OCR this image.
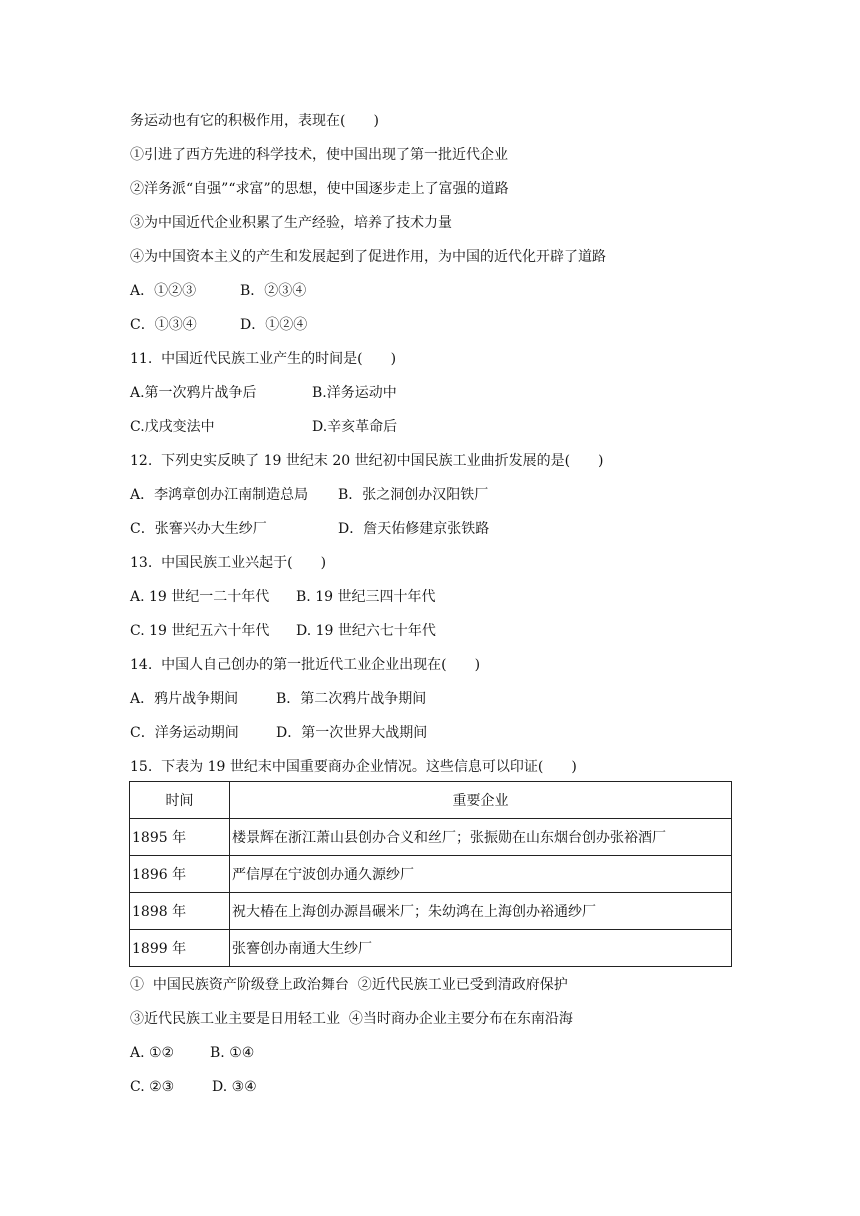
务运动也有它的积极作用，表现在(　　)
①引进了西方先进的科学技术，使中国出现了第一批近代企业
②洋务派“自强”“求富”的思想，使中国逐步走上了富强的道路
③为中国近代企业积累了生产经验，培养了技术力量
④为中国资本主义的产生和发展起到了促进作用，为中国的近代化开辟了道路

A．①②③

	B．②③④

C．①③④

	D．①②④

11.  中国近代民族工业产生的时间是(　　)

A.第一次鸦片战争后

	B.洋务运动中

C.戊戌变法中

	D.辛亥革命后

12.  下列史实反映了 19 世纪末 20 世纪初中国民族工业曲折发展的是(　　)

A．李鸿章创办江南制造总局

B．张之洞创办汉阳铁厂

C．张謇兴办大生纱厂

	D．詹天佑修建京张铁路

13.  中国民族工业兴起于(　　)

A. 19 世纪一二十年代

B. 19 世纪三四十年代

C. 19 世纪五六十年代

D. 19 世纪六七十年代

14.  中国人自己创办的第一批近代工业企业出现在(　　)

A．鸦片战争期间

	B．第二次鸦片战争期间

C．洋务运动期间

	D．第一次世界大战期间

15.  下表为 19 世纪末中国重要商办企业情况。这些信息可以印证(　　)
时间	重要企业
1895 年	楼景辉在浙江萧山县创办合义和丝厂；张振勋在山东烟台创办张裕酒厂
1896 年	严信厚在宁波创办通久源纱厂
1898 年	祝大椿在上海创办源昌碾米厂；朱幼鸿在上海创办裕通纱厂
1899 年	张謇创办南通大生纱厂
①  中国民族资产阶级登上政治舞台  ②近代民族工业已受到清政府保护
③近代民族工业主要是日用轻工业  ④当时商办企业主要分布在东南沿海

A. ①②

	B. ①④

C. ②③

	D. ③④
